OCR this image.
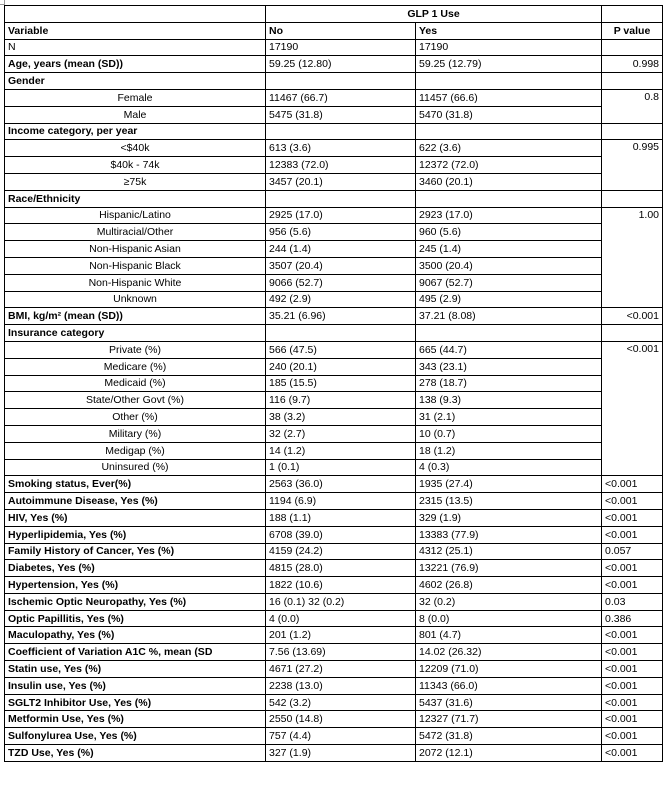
	GLP 1 Use		
Variable	No	Yes	P value
N	17190	17190	
Age, years (mean (SD))	59.25 (12.80)	59.25 (12.79)	0.998
Gender			
Female	11467 (66.7)	11457 (66.6)	0.8
Male	5475 (31.8)	5470 (31.8)	
Income category, per year			
<$40k	613 (3.6)	622 (3.6)	0.995
$40k - 74k	12383 (72.0)	12372 (72.0)	
≥75k	3457 (20.1)	3460 (20.1)	
Race/Ethnicity			
Hispanic/Latino	2925 (17.0)	2923 (17.0)	1.00
Multiracial/Other	956 (5.6)	960 (5.6)	
Non-Hispanic Asian	244 (1.4)	245 (1.4)	
Non-Hispanic Black	3507 (20.4)	3500 (20.4)	
Non-Hispanic White	9066 (52.7)	9067 (52.7)	
Unknown	492 (2.9)	495 (2.9)	
BMI, kg/m² (mean (SD))	35.21 (6.96)	37.21 (8.08)	<0.001
Insurance category			
Private (%)	566 (47.5)	665 (44.7)	<0.001
Medicare (%)	240 (20.1)	343 (23.1)	
Medicaid (%)	185 (15.5)	278 (18.7)	
State/Other Govt (%)	116 (9.7)	138 (9.3)	
Other (%)	38 (3.2)	31 (2.1)	
Military (%)	32 (2.7)	10 (0.7)	
Medigap (%)	14 (1.2)	18 (1.2)	
Uninsured (%)	1 (0.1)	4 (0.3)	
Smoking status, Ever(%)	2563 (36.0)	1935 (27.4)	<0.001
Autoimmune Disease, Yes (%)	1194 (6.9)	2315 (13.5)	<0.001
HIV, Yes (%)	188 (1.1)	329 (1.9)	<0.001
Hyperlipidemia, Yes (%)	6708 (39.0)	13383 (77.9)	<0.001
Family History of Cancer, Yes (%)	4159 (24.2)	4312 (25.1)	0.057
Diabetes, Yes (%)	4815 (28.0)	13221 (76.9)	<0.001
Hypertension, Yes (%)	1822 (10.6)	4602 (26.8)	<0.001
Ischemic Optic Neuropathy, Yes (%)	16 (0.1) 32 (0.2)	32 (0.2)	0.03
Optic Papillitis, Yes (%)	4 (0.0)	8 (0.0)	0.386
Maculopathy, Yes (%)	201 (1.2)	801 (4.7)	<0.001
Coefficient of Variation A1C %, mean (SD	7.56 (13.69)	14.02 (26.32)	<0.001
Statin use, Yes (%)	4671 (27.2)	12209 (71.0)	<0.001
Insulin use, Yes (%)	2238 (13.0)	11343 (66.0)	<0.001
SGLT2 Inhibitor Use, Yes (%)	542 (3.2)	5437 (31.6)	<0.001
Metformin Use, Yes (%)	2550 (14.8)	12327 (71.7)	<0.001
Sulfonylurea Use, Yes (%)	757 (4.4)	5472 (31.8)	<0.001
TZD Use, Yes (%)	327 (1.9)	2072 (12.1)	<0.001
